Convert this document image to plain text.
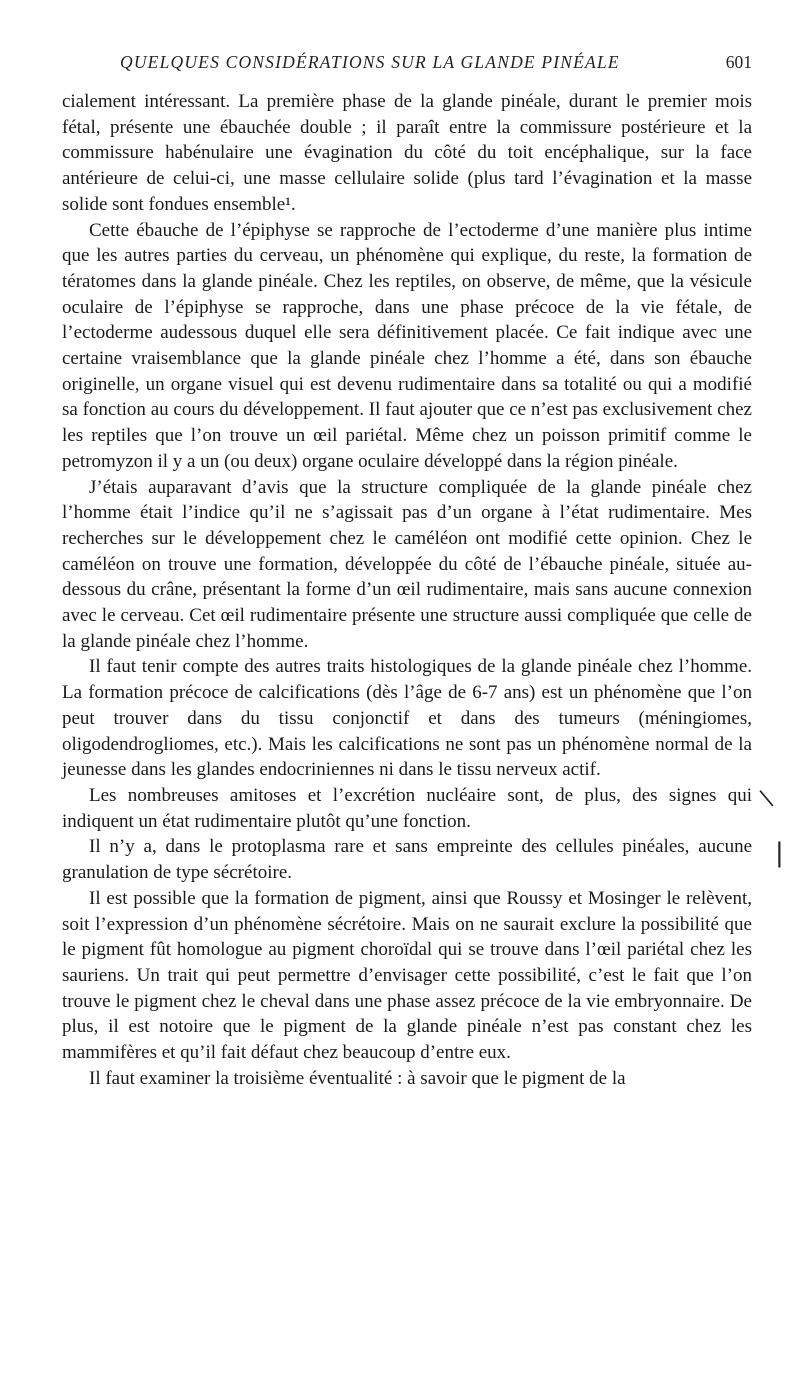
QUELQUES CONSIDÉRATIONS SUR LA GLANDE PINÉALE	601

cialement intéressant. La première phase de la glande pinéale, durant le premier mois fétal, présente une ébauchée double ; il paraît entre la commissure postérieure et la commissure habénulaire une évagination du côté du toit encéphalique, sur la face antérieure de celui-ci, une masse cellulaire solide (plus tard l’évagination et la masse solide sont fondues ensemble¹.

Cette ébauche de l’épiphyse se rapproche de l’ectoderme d’une manière plus intime que les autres parties du cerveau, un phénomène qui explique, du reste, la formation de tératomes dans la glande pinéale. Chez les reptiles, on observe, de même, que la vésicule oculaire de l’épiphyse se rapproche, dans une phase précoce de la vie fétale, de l’ectoderme audessous duquel elle sera définitivement placée. Ce fait indique avec une certaine vraisemblance que la glande pinéale chez l’homme a été, dans son ébauche originelle, un organe visuel qui est devenu rudimentaire dans sa totalité ou qui a modifié sa fonction au cours du développement. Il faut ajouter que ce n’est pas exclusivement chez les reptiles que l’on trouve un œil pariétal. Même chez un poisson primitif comme le petromyzon il y a un (ou deux) organe oculaire développé dans la région pinéale.

J’étais auparavant d’avis que la structure compliquée de la glande pinéale chez l’homme était l’indice qu’il ne s’agissait pas d’un organe à l’état rudimentaire. Mes recherches sur le développement chez le caméléon ont modifié cette opinion. Chez le caméléon on trouve une formation, développée du côté de l’ébauche pinéale, située audessous du crâne, présentant la forme d’un œil rudimentaire, mais sans aucune connexion avec le cerveau. Cet œil rudimentaire présente une structure aussi compliquée que celle de la glande pinéale chez l’homme.

Il faut tenir compte des autres traits histologiques de la glande pinéale chez l’homme. La formation précoce de calcifications (dès l’âge de 6-7 ans) est un phénomène que l’on peut trouver dans du tissu conjonctif et dans des tumeurs (méningiomes, oligodendrogliomes, etc.). Mais les calcifications ne sont pas un phénomène normal de la jeunesse dans les glandes endocriniennes ni dans le tissu nerveux actif.

Les nombreuses amitoses et l’excrétion nucléaire sont, de plus, des signes qui indiquent un état rudimentaire plutôt qu’une fonction.

Il n’y a, dans le protoplasma rare et sans empreinte des cellules pinéales, aucune granulation de type sécrétoire.

Il est possible que la formation de pigment, ainsi que Roussy et Mosinger le relèvent, soit l’expression d’un phénomène sécrétoire. Mais on ne saurait exclure la possibilité que le pigment fût homologue au pigment choroïdal qui se trouve dans l’œil pariétal chez les sauriens. Un trait qui peut permettre d’envisager cette possibilité, c’est le fait que l’on trouve le pigment chez le cheval dans une phase assez précoce de la vie embryonnaire. De plus, il est notoire que le pigment de la glande pinéale n’est pas constant chez les mammifères et qu’il fait défaut chez beaucoup d’entre eux.

Il faut examiner la troisième éventualité : à savoir que le pigment de la

|
|
